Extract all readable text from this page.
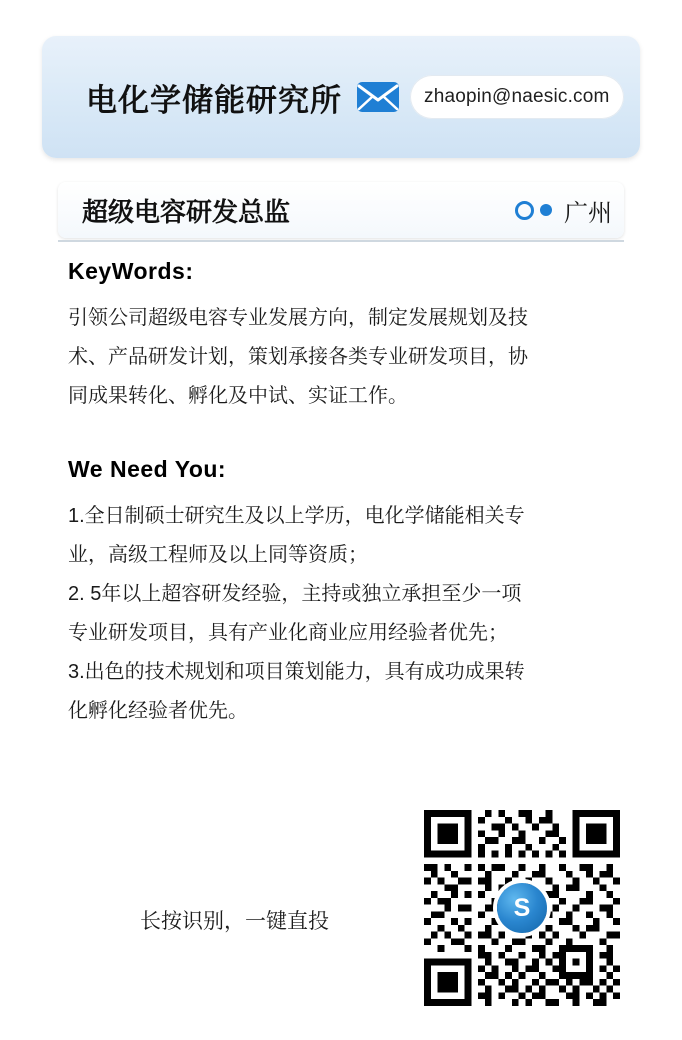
电化学储能研究所	zhaopin@naesic.com
超级电容研发总监	广州
KeyWords:

引领公司超级电容专业发展方向，制定发展规划及技
术、产品研发计划，策划承接各类专业研发项目，协
同成果转化、孵化及中试、实证工作。

We Need You:

1.全日制硕士研究生及以上学历，电化学储能相关专
业，高级工程师及以上同等资质；
2. 5年以上超容研发经验，主持或独立承担至少一项
专业研发项目，具有产业化商业应用经验者优先；
3.出色的技术规划和项目策划能力，具有成功成果转
化孵化经验者优先。

长按识别，一键直投	S
